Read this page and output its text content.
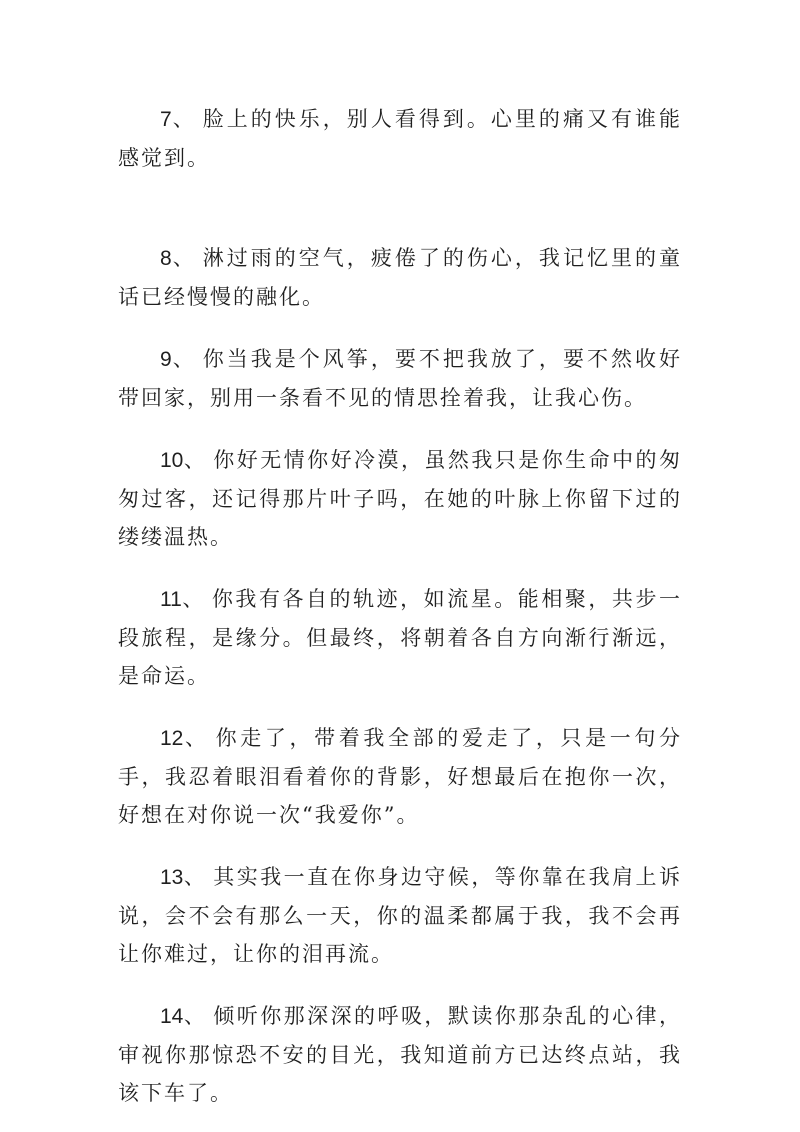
7、 脸上的快乐，别人看得到。心里的痛又有谁能感觉到。

8、 淋过雨的空气，疲倦了的伤心，我记忆里的童话已经慢慢的融化。

9、 你当我是个风筝，要不把我放了，要不然收好带回家，别用一条看不见的情思拴着我，让我心伤。

10、 你好无情你好冷漠，虽然我只是你生命中的匆匆过客，还记得那片叶子吗，在她的叶脉上你留下过的缕缕温热。

11、 你我有各自的轨迹，如流星。能相聚，共步一段旅程，是缘分。但最终，将朝着各自方向渐行渐远，是命运。

12、 你走了，带着我全部的爱走了，只是一句分手，我忍着眼泪看着你的背影，好想最后在抱你一次，好想在对你说一次“我爱你”。

13、 其实我一直在你身边守候，等你靠在我肩上诉说，会不会有那么一天，你的温柔都属于我，我不会再让你难过，让你的泪再流。

14、 倾听你那深深的呼吸，默读你那杂乱的心律，审视你那惊恐不安的目光，我知道前方已达终点站，我该下车了。
